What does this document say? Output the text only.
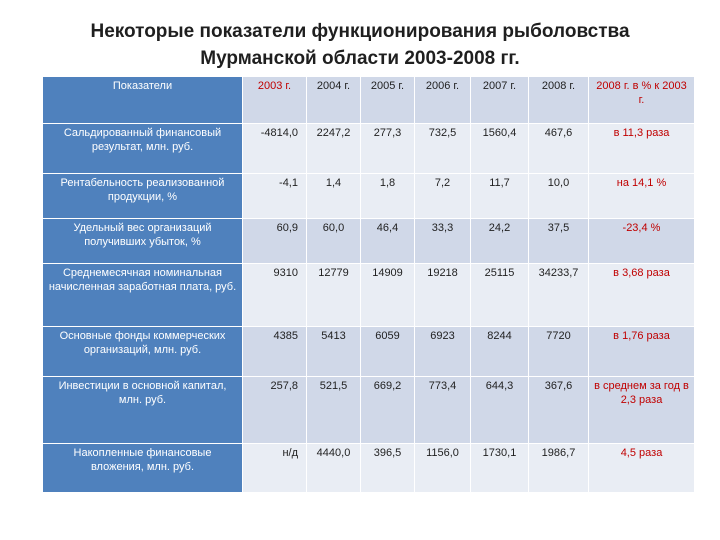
Некоторые показатели функционирования рыболовства
Мурманской области 2003-2008 гг.
Показатели	2003 г.	2004 г.	2005 г.	2006 г.	2007 г.	2008 г.	2008 г. в % к 2003 г.
Сальдированный финансовый результат, млн. руб.	-4814,0	2247,2	277,3	732,5	1560,4	467,6	в 11,3 раза
Рентабельность реализованной продукции, %	-4,1	1,4	1,8	7,2	11,7	10,0	на 14,1 %
Удельный вес организаций получивших убыток, %	60,9	60,0	46,4	33,3	24,2	37,5	-23,4 %
Среднемесячная номинальная начисленная заработная плата, руб.	9310	12779	14909	19218	25115	34233,7	в 3,68 раза
Основные фонды коммерческих организаций, млн. руб.	4385	5413	6059	6923	8244	7720	в 1,76 раза
Инвестиции в основной капитал, млн. руб.	257,8	521,5	669,2	773,4	644,3	367,6	в среднем за год в 2,3 раза
Накопленные финансовые вложения, млн. руб.	н/д	4440,0	396,5	1156,0	1730,1	1986,7	4,5 раза
